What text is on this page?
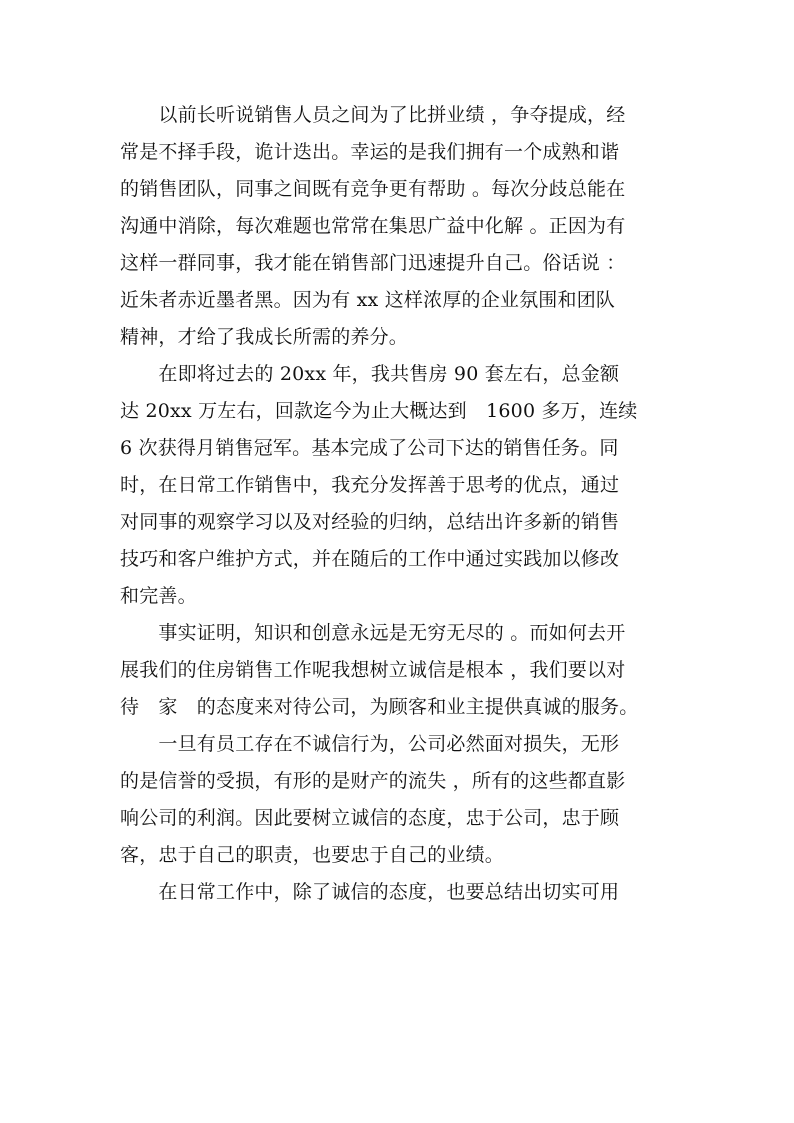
　　以前长听说销售人员之间为了比拼业绩 ，争夺提成，经
常是不择手段，诡计迭出。幸运的是我们拥有一个成熟和谐
的销售团队，同事之间既有竞争更有帮助 。每次分歧总能在
沟通中消除，每次难题也常常在集思广益中化解 。正因为有
这样一群同事，我才能在销售部门迅速提升自己。俗话说 ：
近朱者赤近墨者黑。因为有 xx 这样浓厚的企业氛围和团队
精神，才给了我成长所需的养分。
　　在即将过去的 20xx 年，我共售房 90 套左右，总金额
达 20xx 万左右，回款迄今为止大概达到　1600 多万，连续
6 次获得月销售冠军。基本完成了公司下达的销售任务。同
时，在日常工作销售中，我充分发挥善于思考的优点，通过
对同事的观察学习以及对经验的归纳，总结出许多新的销售
技巧和客户维护方式，并在随后的工作中通过实践加以修改
和完善。
　　事实证明，知识和创意永远是无穷无尽的 。而如何去开
展我们的住房销售工作呢我想树立诚信是根本 ，我们要以对
待　家　的态度来对待公司，为顾客和业主提供真诚的服务。
　　一旦有员工存在不诚信行为，公司必然面对损失，无形
的是信誉的受损，有形的是财产的流失 ，所有的这些都直影
响公司的利润。因此要树立诚信的态度，忠于公司，忠于顾
客，忠于自己的职责，也要忠于自己的业绩。
　　在日常工作中，除了诚信的态度，也要总结出切实可用
